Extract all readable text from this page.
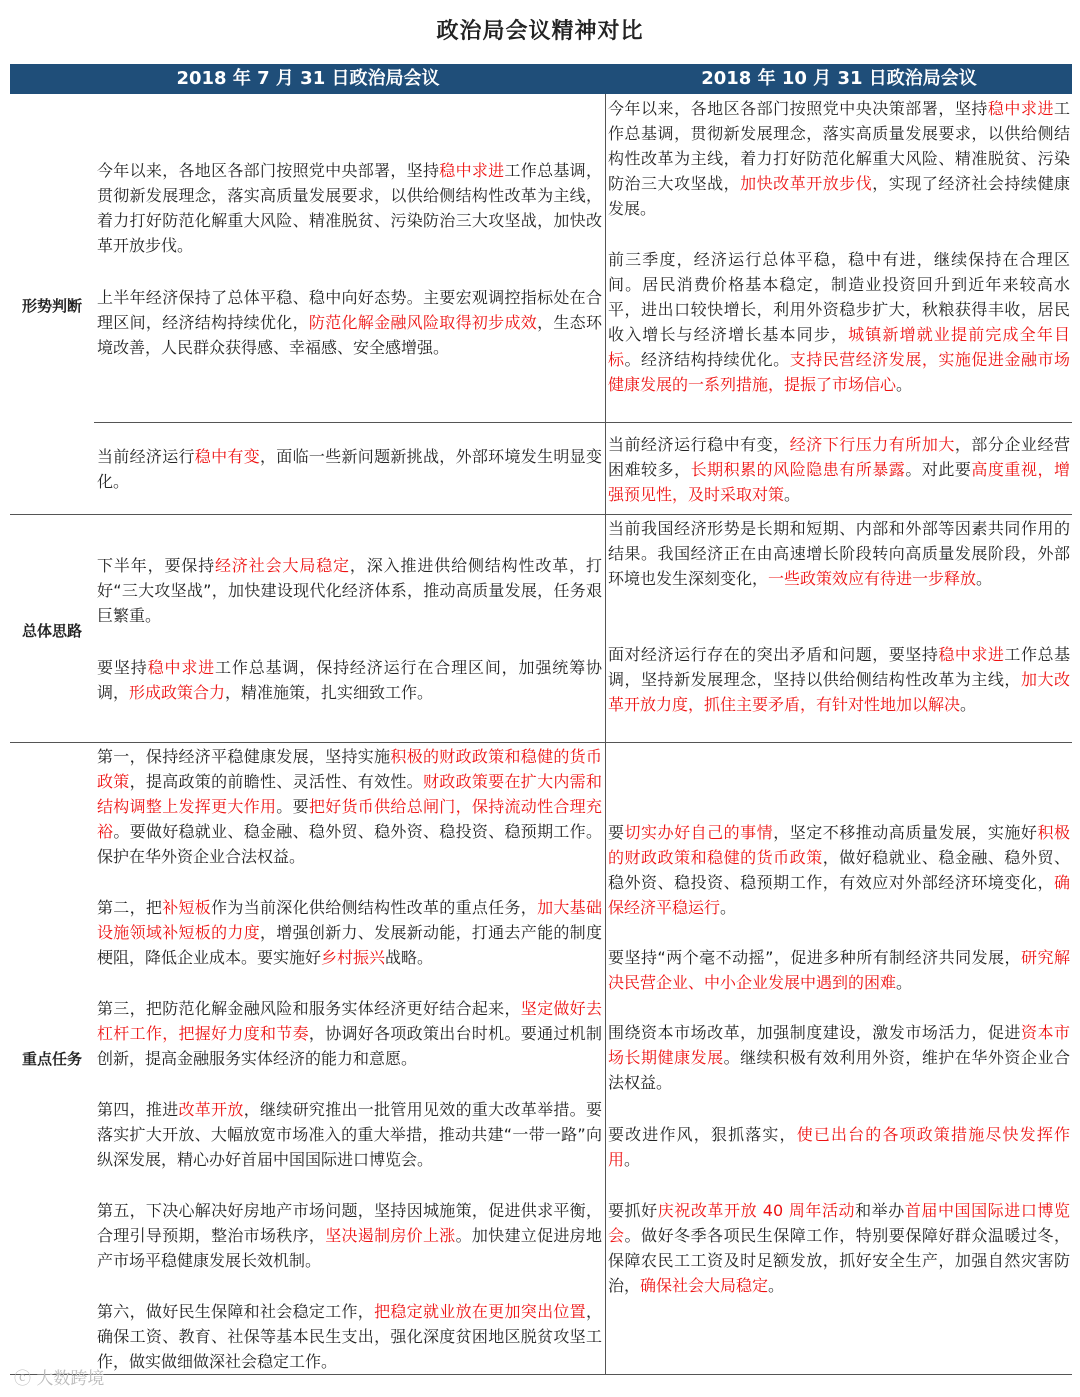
政治局会议精神对比
2018 年 7 月 31 日政治局会议	2018 年 10 月 31 日政治局会议
形势判断
总体思路
重点任务

今年以来，各地区各部门按照党中央部署，坚持稳中求进工作总基调，贯彻新发展理念，落实高质量发展要求，以供给侧结构性改革为主线，着力打好防范化解重大风险、精准脱贫、污染防治三大攻坚战，加快改革开放步伐。

上半年经济保持了总体平稳、稳中向好态势。主要宏观调控指标处在合理区间，经济结构持续优化，防范化解金融风险取得初步成效，生态环境改善，人民群众获得感、幸福感、安全感增强。

当前经济运行稳中有变，面临一些新问题新挑战，外部环境发生明显变化。

下半年，要保持经济社会大局稳定，深入推进供给侧结构性改革，打好“三大攻坚战”，加快建设现代化经济体系，推动高质量发展，任务艰巨繁重。

要坚持稳中求进工作总基调，保持经济运行在合理区间，加强统筹协调，形成政策合力，精准施策，扎实细致工作。

第一，保持经济平稳健康发展，坚持实施积极的财政政策和稳健的货币政策，提高政策的前瞻性、灵活性、有效性。财政政策要在扩大内需和结构调整上发挥更大作用。要把好货币供给总闸门，保持流动性合理充裕。要做好稳就业、稳金融、稳外贸、稳外资、稳投资、稳预期工作。保护在华外资企业合法权益。

第二，把补短板作为当前深化供给侧结构性改革的重点任务，加大基础设施领域补短板的力度，增强创新力、发展新动能，打通去产能的制度梗阻，降低企业成本。要实施好乡村振兴战略。

第三，把防范化解金融风险和服务实体经济更好结合起来，坚定做好去杠杆工作，把握好力度和节奏，协调好各项政策出台时机。要通过机制创新，提高金融服务实体经济的能力和意愿。

第四，推进改革开放，继续研究推出一批管用见效的重大改革举措。要落实扩大开放、大幅放宽市场准入的重大举措，推动共建“一带一路”向纵深发展，精心办好首届中国国际进口博览会。

第五，下决心解决好房地产市场问题，坚持因城施策，促进供求平衡，合理引导预期，整治市场秩序，坚决遏制房价上涨。加快建立促进房地产市场平稳健康发展长效机制。

第六，做好民生保障和社会稳定工作，把稳定就业放在更加突出位置，确保工资、教育、社保等基本民生支出，强化深度贫困地区脱贫攻坚工作，做实做细做深社会稳定工作。

今年以来，各地区各部门按照党中央决策部署，坚持稳中求进工作总基调，贯彻新发展理念，落实高质量发展要求，以供给侧结构性改革为主线，着力打好防范化解重大风险、精准脱贫、污染防治三大攻坚战，加快改革开放步伐，实现了经济社会持续健康发展。

前三季度，经济运行总体平稳，稳中有进，继续保持在合理区间。居民消费价格基本稳定，制造业投资回升到近年来较高水平，进出口较快增长，利用外资稳步扩大，秋粮获得丰收，居民收入增长与经济增长基本同步，城镇新增就业提前完成全年目标。经济结构持续优化。支持民营经济发展，实施促进金融市场健康发展的一系列措施，提振了市场信心。

当前经济运行稳中有变，经济下行压力有所加大，部分企业经营困难较多，长期积累的风险隐患有所暴露。对此要高度重视，增强预见性，及时采取对策。

当前我国经济形势是长期和短期、内部和外部等因素共同作用的结果。我国经济正在由高速增长阶段转向高质量发展阶段，外部环境也发生深刻变化，一些政策效应有待进一步释放。

面对经济运行存在的突出矛盾和问题，要坚持稳中求进工作总基调，坚持新发展理念，坚持以供给侧结构性改革为主线，加大改革开放力度，抓住主要矛盾，有针对性地加以解决。

要切实办好自己的事情，坚定不移推动高质量发展，实施好积极的财政政策和稳健的货币政策，做好稳就业、稳金融、稳外贸、稳外资、稳投资、稳预期工作，有效应对外部经济环境变化，确保经济平稳运行。

要坚持“两个毫不动摇”，促进多种所有制经济共同发展，研究解决民营企业、中小企业发展中遇到的困难。

围绕资本市场改革，加强制度建设，激发市场活力，促进资本市场长期健康发展。继续积极有效利用外资，维护在华外资企业合法权益。

要改进作风，狠抓落实，使已出台的各项政策措施尽快发挥作用。

要抓好庆祝改革开放 40 周年活动和举办首届中国国际进口博览会。做好冬季各项民生保障工作，特别要保障好群众温暖过冬，保障农民工工资及时足额发放，抓好安全生产，加强自然灾害防治，确保社会大局稳定。

ⓒ 大数跨境
